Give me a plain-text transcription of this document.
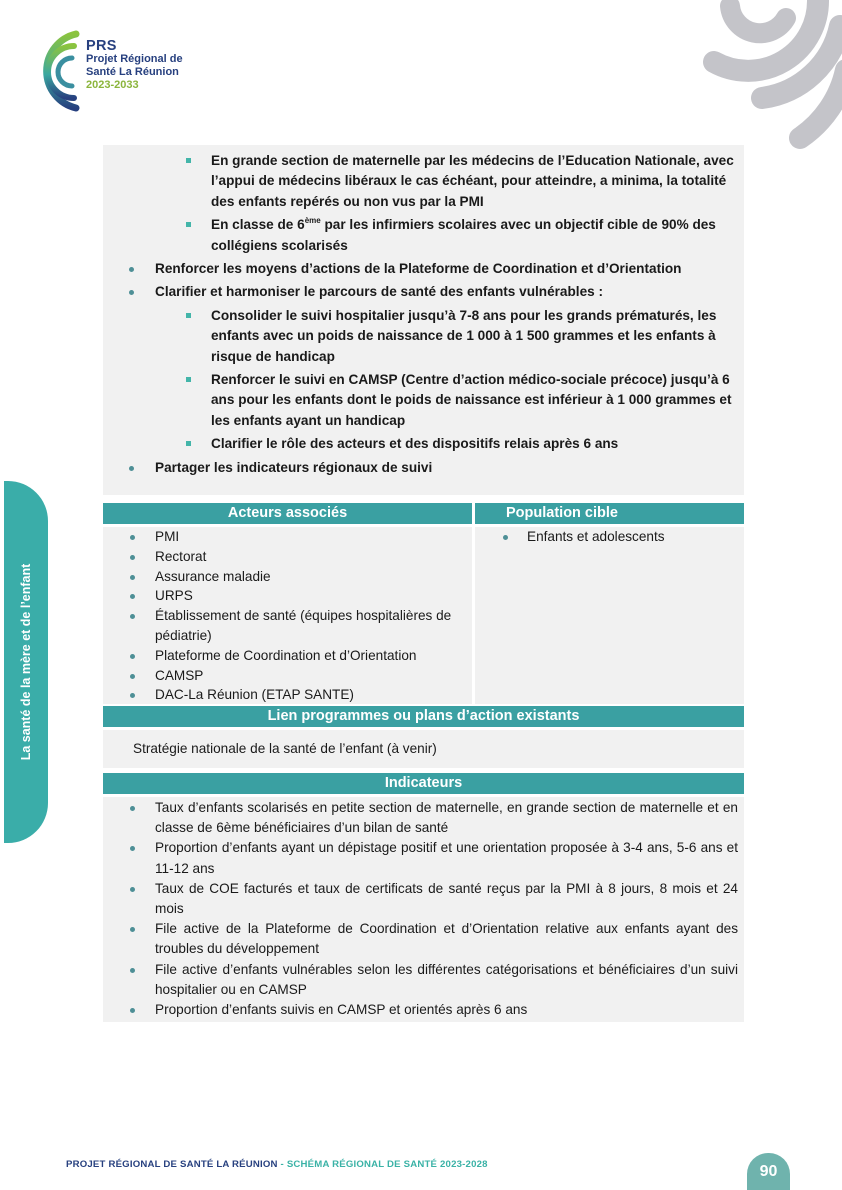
PRS
Projet Régional de
Santé La Réunion
2023-2033
La santé de la mère et de l’enfant
En grande section de maternelle par les médecins de l’Education Nationale, avec l’appui de médecins libéraux le cas échéant, pour atteindre, a minima, la totalité des enfants repérés ou non vus par la PMI
En classe de 6ème par les infirmiers scolaires avec un objectif cible de 90% des collégiens scolarisés
Renforcer les moyens d’actions de la Plateforme de Coordination et d’Orientation
Clarifier et harmoniser le parcours de santé des enfants vulnérables :
Consolider le suivi hospitalier jusqu’à 7-8 ans pour les grands prématurés, les enfants avec un poids de naissance de 1 000 à 1 500 grammes et les enfants à risque de handicap
Renforcer le suivi en CAMSP (Centre d’action médico-sociale précoce) jusqu’à 6 ans pour les enfants dont le poids de naissance est inférieur à 1 000 grammes et les enfants ayant un handicap
Clarifier le rôle des acteurs et des dispositifs relais après 6 ans
Partager les indicateurs régionaux de suivi
Acteurs associés	Population cible
PMI
Rectorat
Assurance maladie
URPS
Établissement de santé (équipes hospitalières de pédiatrie)
Plateforme de Coordination et d’Orientation
CAMSP
DAC-La Réunion (ETAP SANTE)
Enfants et adolescents
Lien programmes ou plans d’action existants
Stratégie nationale de la santé de l’enfant (à venir)
Indicateurs
Taux d’enfants scolarisés en petite section de maternelle, en grande section de maternelle et en classe de 6ème bénéficiaires d’un bilan de santé
Proportion d’enfants ayant un dépistage positif et une orientation proposée à 3-4 ans, 5-6 ans et 11-12 ans
Taux de COE facturés et taux de certificats de santé reçus par la PMI à 8 jours, 8 mois et 24 mois
File active de la Plateforme de Coordination et d’Orientation relative aux enfants ayant des troubles du développement
File active d’enfants vulnérables selon les différentes catégorisations et bénéficiaires d’un suivi hospitalier ou en CAMSP
Proportion d’enfants suivis en CAMSP et orientés après 6 ans
PROJET RÉGIONAL DE SANTÉ LA RÉUNION - SCHÉMA RÉGIONAL DE SANTÉ 2023-2028	90
